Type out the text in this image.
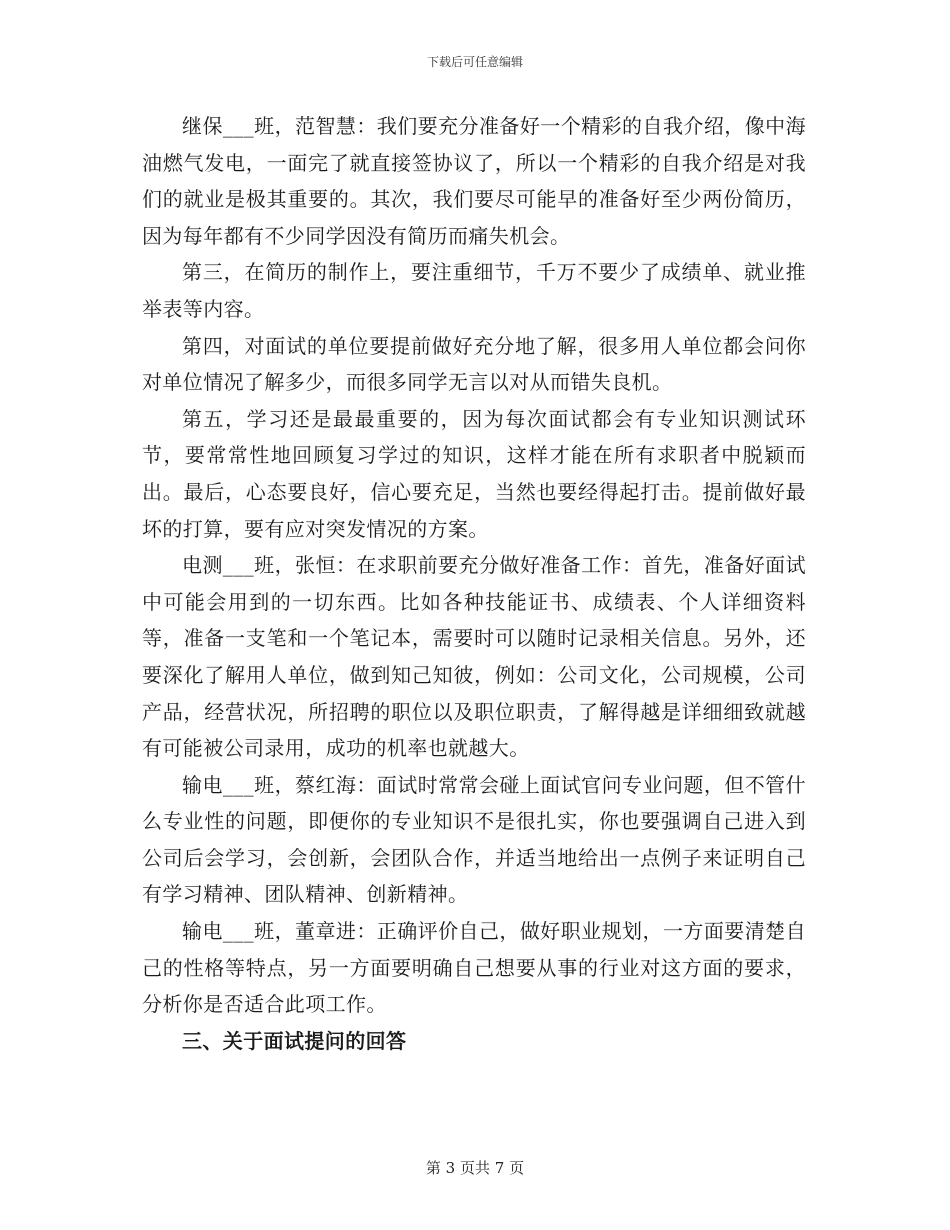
下载后可任意编辑

继保___班，范智慧：我们要充分准备好一个精彩的自我介绍，像中海油燃气发电，一面完了就直接签协议了，所以一个精彩的自我介绍是对我们的就业是极其重要的。其次，我们要尽可能早的准备好至少两份简历，因为每年都有不少同学因没有简历而痛失机会。

第三，在简历的制作上，要注重细节，千万不要少了成绩单、就业推举表等内容。

第四，对面试的单位要提前做好充分地了解，很多用人单位都会问你对单位情况了解多少，而很多同学无言以对从而错失良机。

第五，学习还是最最重要的，因为每次面试都会有专业知识测试环节，要常常性地回顾复习学过的知识，这样才能在所有求职者中脱颖而出。最后，心态要良好，信心要充足，当然也要经得起打击。提前做好最坏的打算，要有应对突发情况的方案。

电测___班，张恒：在求职前要充分做好准备工作：首先，准备好面试中可能会用到的一切东西。比如各种技能证书、成绩表、个人详细资料等，准备一支笔和一个笔记本，需要时可以随时记录相关信息。另外，还要深化了解用人单位，做到知己知彼，例如：公司文化，公司规模，公司产品，经营状况，所招聘的职位以及职位职责，了解得越是详细细致就越有可能被公司录用，成功的机率也就越大。

输电___班，蔡红海：面试时常常会碰上面试官问专业问题，但不管什么专业性的问题，即便你的专业知识不是很扎实，你也要强调自己进入到公司后会学习，会创新，会团队合作，并适当地给出一点例子来证明自己有学习精神、团队精神、创新精神。

输电___班，董章进：正确评价自己，做好职业规划，一方面要清楚自己的性格等特点，另一方面要明确自己想要从事的行业对这方面的要求，分析你是否适合此项工作。

三、关于面试提问的回答

第 3 页共 7 页
